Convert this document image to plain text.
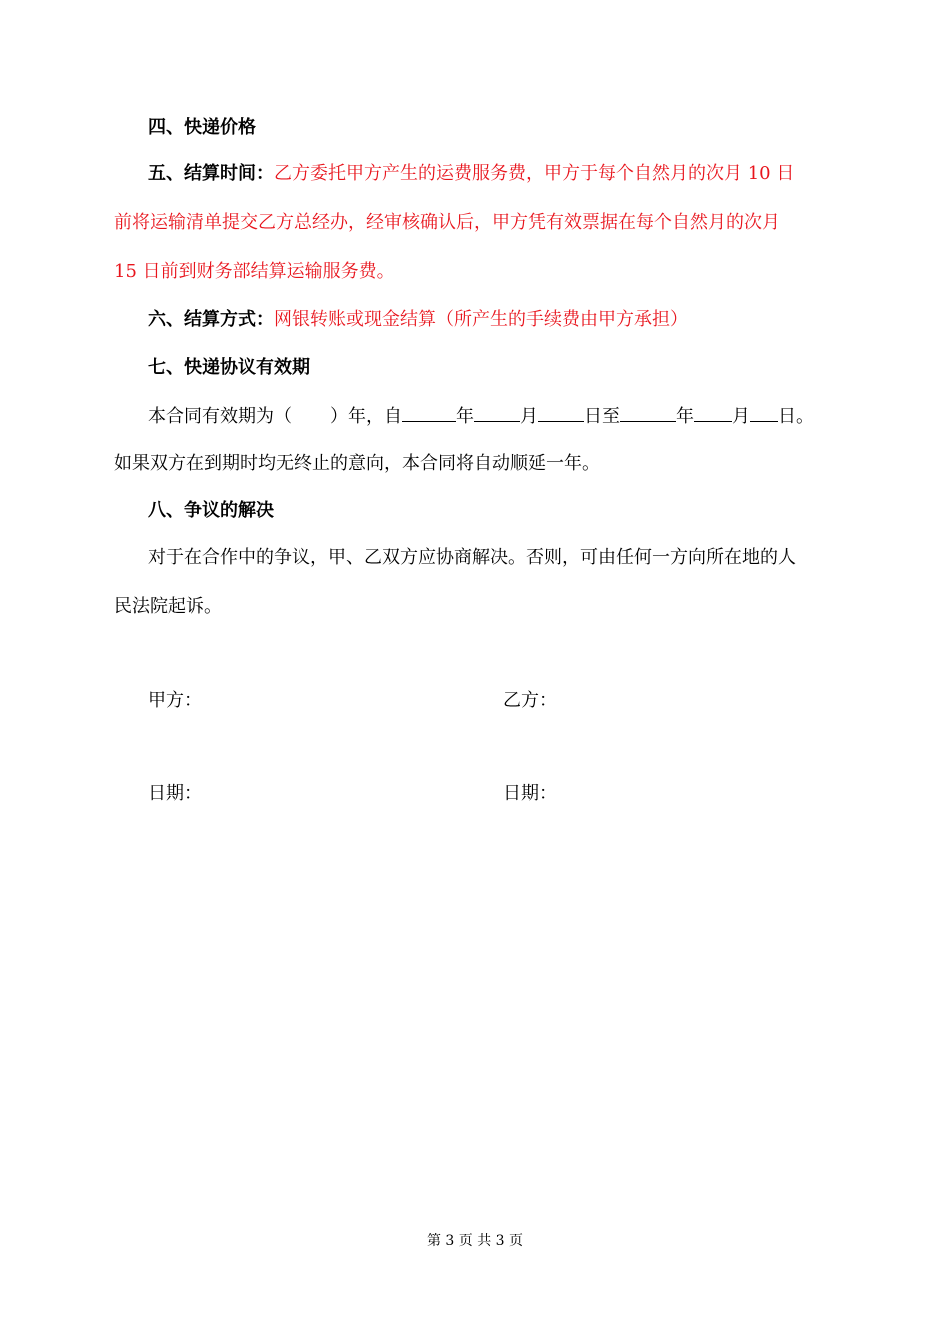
四、快递价格
五、结算时间：乙方委托甲方产生的运费服务费，甲方于每个自然月的次月 10 日
前将运输清单提交乙方总经办，经审核确认后，甲方凭有效票据在每个自然月的次月
15 日前到财务部结算运输服务费。
六、结算方式：网银转账或现金结算（所产生的手续费由甲方承担）
七、快递协议有效期
本合同有效期为（ ）年，自	年	月	日至	年 月 日。
如果双方在到期时均无终止的意向，本合同将自动顺延一年。
八、争议的解决
对于在合作中的争议，甲、乙双方应协商解决。否则，可由任何一方向所在地的人
民法院起诉。
甲方：	乙方：
日期：	日期：
第 3 页 共 3 页
